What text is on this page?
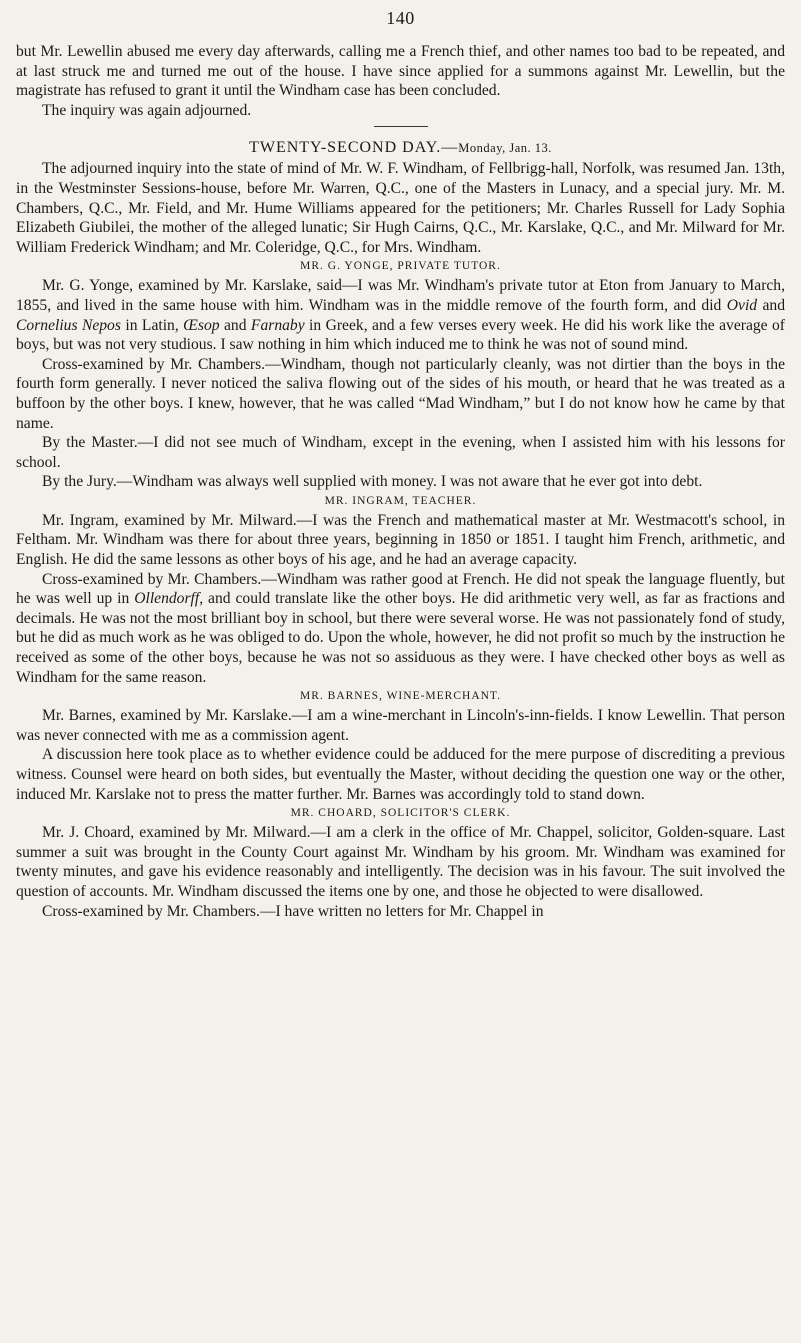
140

but Mr. Lewellin abused me every day afterwards, calling me a French thief, and other names too bad to be repeated, and at last struck me and turned me out of the house. I have since applied for a summons against Mr. Lewellin, but the magistrate has refused to grant it until the Windham case has been concluded.

The inquiry was again adjourned.

TWENTY-SECOND DAY.—Monday, Jan. 13.

The adjourned inquiry into the state of mind of Mr. W. F. Windham, of Fellbrigg-hall, Norfolk, was resumed Jan. 13th, in the Westminster Sessions-house, before Mr. Warren, Q.C., one of the Masters in Lunacy, and a special jury. Mr. M. Chambers, Q.C., Mr. Field, and Mr. Hume Williams appeared for the petitioners; Mr. Charles Russell for Lady Sophia Elizabeth Giubilei, the mother of the alleged lunatic; Sir Hugh Cairns, Q.C., Mr. Karslake, Q.C., and Mr. Milward for Mr. William Frederick Windham; and Mr. Coleridge, Q.C., for Mrs. Windham.

MR. G. YONGE, PRIVATE TUTOR.

Mr. G. Yonge, examined by Mr. Karslake, said—I was Mr. Windham's private tutor at Eton from January to March, 1855, and lived in the same house with him. Windham was in the middle remove of the fourth form, and did Ovid and Cornelius Nepos in Latin, Œsop and Farnaby in Greek, and a few verses every week. He did his work like the average of boys, but was not very studious. I saw nothing in him which induced me to think he was not of sound mind.

Cross-examined by Mr. Chambers.—Windham, though not particularly cleanly, was not dirtier than the boys in the fourth form generally. I never noticed the saliva flowing out of the sides of his mouth, or heard that he was treated as a buffoon by the other boys. I knew, however, that he was called “Mad Windham,” but I do not know how he came by that name.

By the Master.—I did not see much of Windham, except in the evening, when I assisted him with his lessons for school.

By the Jury.—Windham was always well supplied with money. I was not aware that he ever got into debt.

MR. INGRAM, TEACHER.

Mr. Ingram, examined by Mr. Milward.—I was the French and mathematical master at Mr. Westmacott's school, in Feltham. Mr. Windham was there for about three years, beginning in 1850 or 1851. I taught him French, arithmetic, and English. He did the same lessons as other boys of his age, and he had an average capacity.

Cross-examined by Mr. Chambers.—Windham was rather good at French. He did not speak the language fluently, but he was well up in Ollendorff, and could translate like the other boys. He did arithmetic very well, as far as fractions and decimals. He was not the most brilliant boy in school, but there were several worse. He was not passionately fond of study, but he did as much work as he was obliged to do. Upon the whole, however, he did not profit so much by the instruction he received as some of the other boys, because he was not so assiduous as they were. I have checked other boys as well as Windham for the same reason.

MR. BARNES, WINE-MERCHANT.

Mr. Barnes, examined by Mr. Karslake.—I am a wine-merchant in Lincoln's-inn-fields. I know Lewellin. That person was never connected with me as a commission agent.

A discussion here took place as to whether evidence could be adduced for the mere purpose of discrediting a previous witness. Counsel were heard on both sides, but eventually the Master, without deciding the question one way or the other, induced Mr. Karslake not to press the matter further. Mr. Barnes was accordingly told to stand down.

MR. CHOARD, SOLICITOR'S CLERK.

Mr. J. Choard, examined by Mr. Milward.—I am a clerk in the office of Mr. Chappel, solicitor, Golden-square. Last summer a suit was brought in the County Court against Mr. Windham by his groom. Mr. Windham was examined for twenty minutes, and gave his evidence reasonably and intelligently. The decision was in his favour. The suit involved the question of accounts. Mr. Windham discussed the items one by one, and those he objected to were disallowed.

Cross-examined by Mr. Chambers.—I have written no letters for Mr. Chappel in
